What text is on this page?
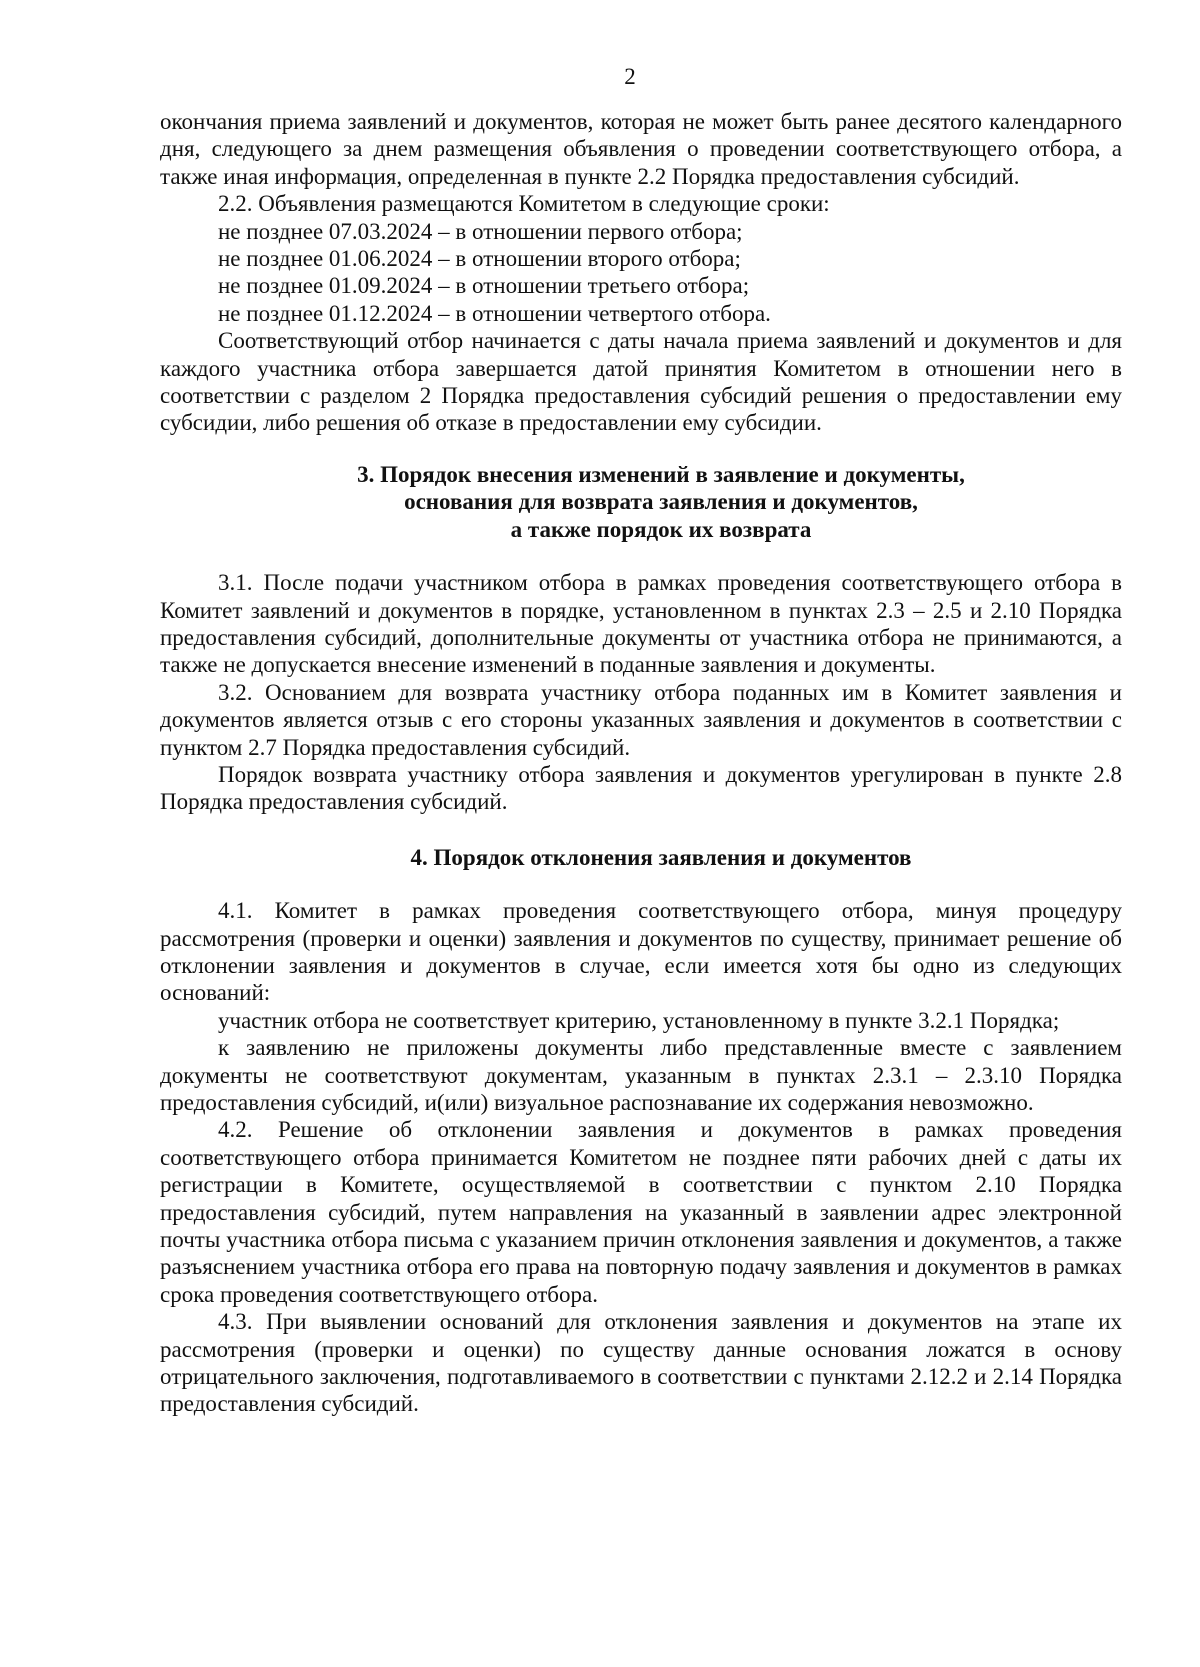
2

окончания приема заявлений и документов, которая не может быть ранее десятого календарного дня, следующего за днем размещения объявления о проведении соответствующего отбора, а также иная информация, определенная в пункте 2.2 Порядка предоставления субсидий.

2.2. Объявления размещаются Комитетом в следующие сроки:

не позднее 07.03.2024 – в отношении первого отбора;

не позднее 01.06.2024 – в отношении второго отбора;

не позднее 01.09.2024 – в отношении третьего отбора;

не позднее 01.12.2024 – в отношении четвертого отбора.

Соответствующий отбор начинается с даты начала приема заявлений и документов и для каждого участника отбора завершается датой принятия Комитетом в отношении него в соответствии с разделом 2 Порядка предоставления субсидий решения о предоставлении ему субсидии, либо решения об отказе в предоставлении ему субсидии.

3. Порядок внесения изменений в заявление и документы,
основания для возврата заявления и документов,
а также порядок их возврата

3.1. После подачи участником отбора в рамках проведения соответствующего отбора в Комитет заявлений и документов в порядке, установленном в пунктах 2.3 – 2.5 и 2.10 Порядка предоставления субсидий, дополнительные документы от участника отбора не принимаются, а также не допускается внесение изменений в поданные заявления и документы.

3.2. Основанием для возврата участнику отбора поданных им в Комитет заявления и документов является отзыв с его стороны указанных заявления и документов в соответствии с пунктом 2.7 Порядка предоставления субсидий.

Порядок возврата участнику отбора заявления и документов урегулирован в пункте 2.8 Порядка предоставления субсидий.

4. Порядок отклонения заявления и документов

4.1. Комитет в рамках проведения соответствующего отбора, минуя процедуру рассмотрения (проверки и оценки) заявления и документов по существу, принимает решение об отклонении заявления и документов в случае, если имеется хотя бы одно из следующих оснований:

участник отбора не соответствует критерию, установленному в пункте 3.2.1 Порядка;

к заявлению не приложены документы либо представленные вместе с заявлением документы не соответствуют документам, указанным в пунктах 2.3.1 – 2.3.10 Порядка предоставления субсидий, и(или) визуальное распознавание их содержания невозможно.

4.2. Решение об отклонении заявления и документов в рамках проведения соответствующего отбора принимается Комитетом не позднее пяти рабочих дней с даты их регистрации в Комитете, осуществляемой в соответствии с пунктом 2.10 Порядка предоставления субсидий, путем направления на указанный в заявлении адрес электронной почты участника отбора письма с указанием причин отклонения заявления и документов, а также разъяснением участника отбора его права на повторную подачу заявления и документов в рамках срока проведения соответствующего отбора.

4.3. При выявлении оснований для отклонения заявления и документов на этапе их рассмотрения (проверки и оценки) по существу данные основания ложатся в основу отрицательного заключения, подготавливаемого в соответствии с пунктами 2.12.2 и 2.14 Порядка предоставления субсидий.
